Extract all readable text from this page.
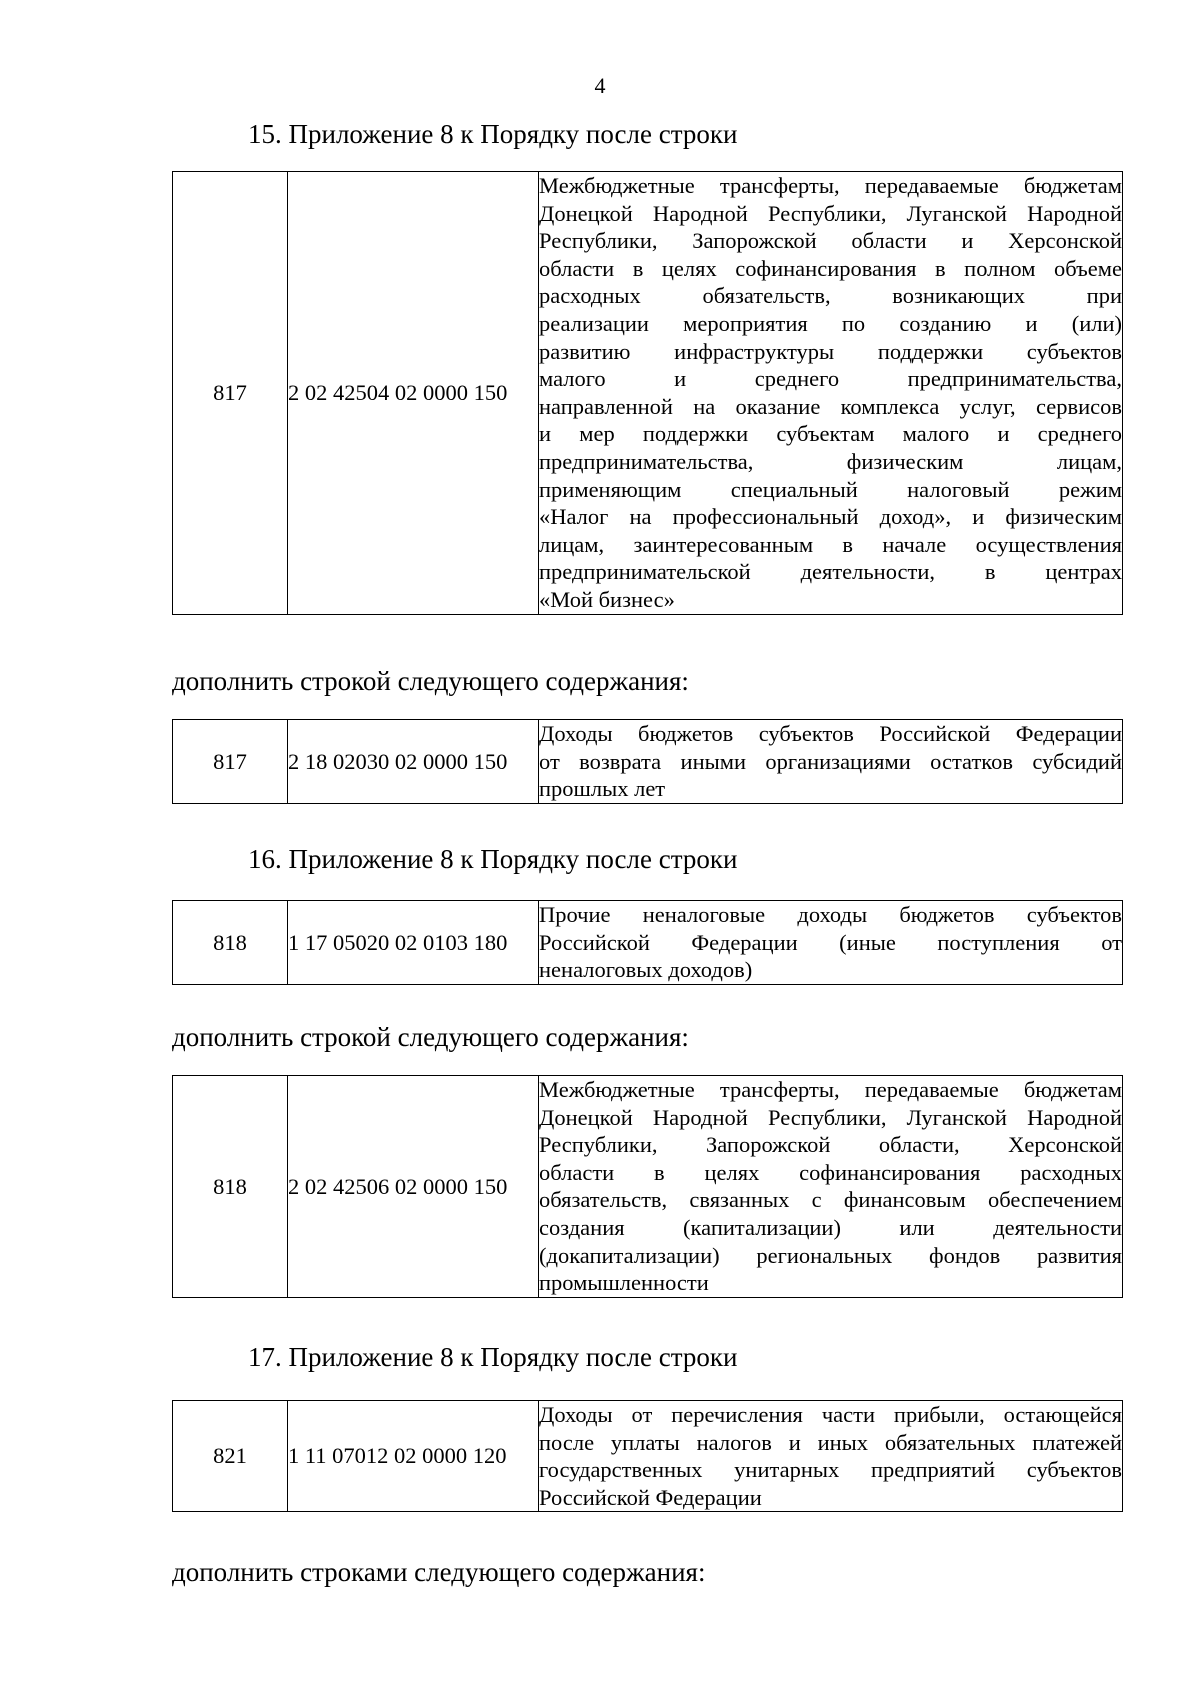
4
15. Приложение 8 к Порядку после строки
817	2 02 42504 02 0000 150	
Межбюджетные трансферты, передаваемые бюджетам
Донецкой Народной Республики, Луганской Народной
Республики, Запорожской области и Херсонской
области в целях софинансирования в полном объеме
расходных обязательств, возникающих при
реализации мероприятия по созданию и (или)
развитию инфраструктуры поддержки субъектов
малого и среднего предпринимательства,
направленной на оказание комплекса услуг, сервисов
и мер поддержки субъектам малого и среднего
предпринимательства, физическим лицам,
применяющим специальный налоговый режим
«Налог на профессиональный доход», и физическим
лицам, заинтересованным в начале осуществления
предпринимательской деятельности, в центрах
«Мой бизнес»
дополнить строкой следующего содержания:
817	2 18 02030 02 0000 150	
Доходы бюджетов субъектов Российской Федерации
от возврата иными организациями остатков субсидий
прошлых лет
16. Приложение 8 к Порядку после строки
818	1 17 05020 02 0103 180	
Прочие неналоговые доходы бюджетов субъектов
Российской Федерации (иные поступления от
неналоговых доходов)
дополнить строкой следующего содержания:
818	2 02 42506 02 0000 150	
Межбюджетные трансферты, передаваемые бюджетам
Донецкой Народной Республики, Луганской Народной
Республики, Запорожской области, Херсонской
области в целях софинансирования расходных
обязательств, связанных с финансовым обеспечением
создания (капитализации) или деятельности
(докапитализации) региональных фондов развития
промышленности
17. Приложение 8 к Порядку после строки
821	1 11 07012 02 0000 120	
Доходы от перечисления части прибыли, остающейся
после уплаты налогов и иных обязательных платежей
государственных унитарных предприятий субъектов
Российской Федерации
дополнить строками следующего содержания:
